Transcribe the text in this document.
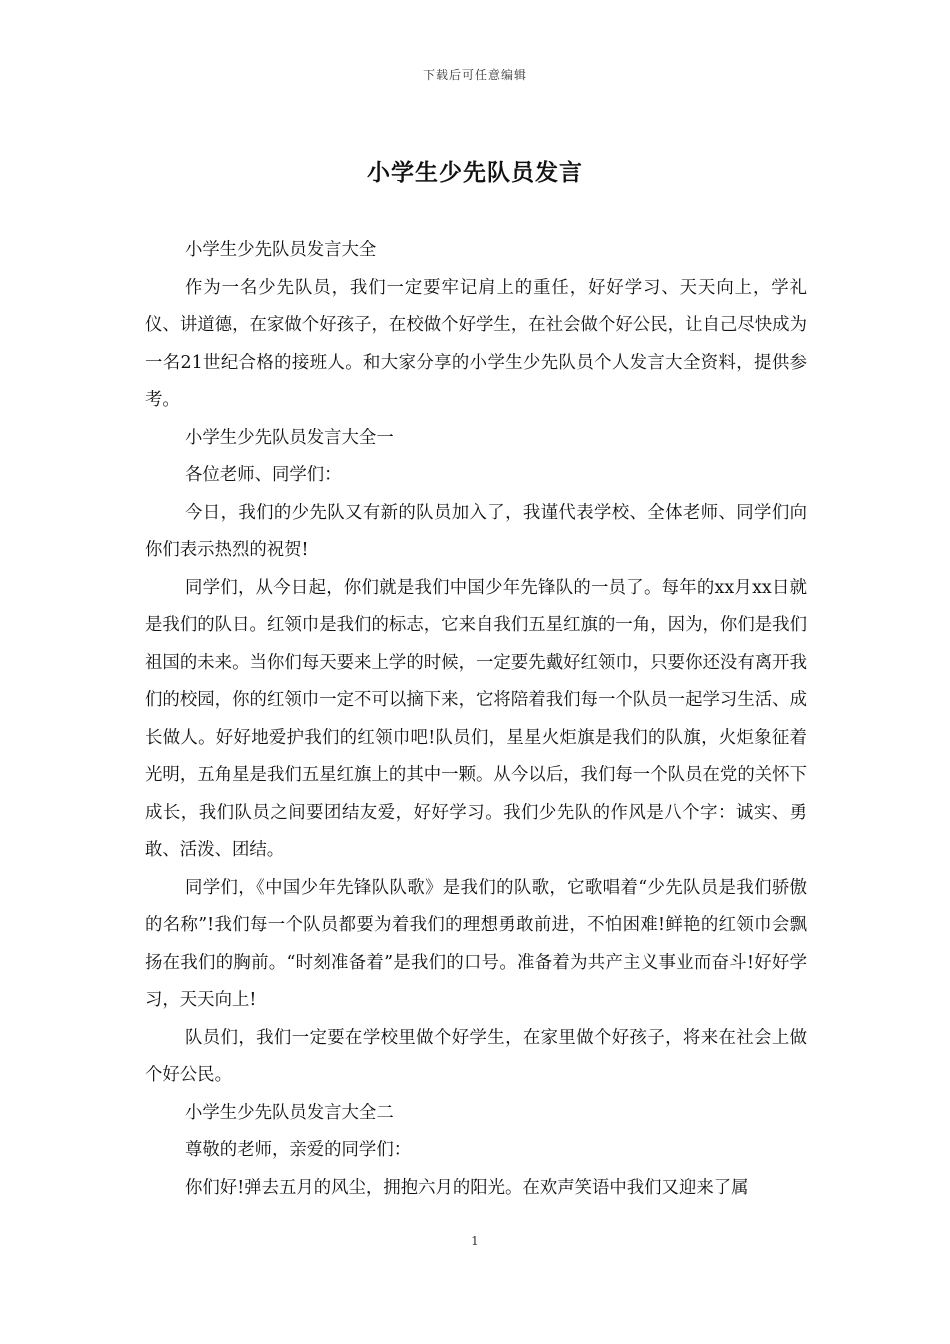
下载后可任意编辑
小学生少先队员发言

小学生少先队员发言大全

作为一名少先队员，我们一定要牢记肩上的重任，好好学习、天天向上，学礼仪、讲道德，在家做个好孩子，在校做个好学生，在社会做个好公民，让自己尽快成为一名21世纪合格的接班人。和大家分享的小学生少先队员个人发言大全资料，提供参考。

小学生少先队员发言大全一

各位老师、同学们：

今日，我们的少先队又有新的队员加入了，我谨代表学校、全体老师、同学们向你们表示热烈的祝贺!

同学们，从今日起，你们就是我们中国少年先锋队的一员了。每年的xx月xx日就是我们的队日。红领巾是我们的标志，它来自我们五星红旗的一角，因为，你们是我们祖国的未来。当你们每天要来上学的时候，一定要先戴好红领巾，只要你还没有离开我们的校园，你的红领巾一定不可以摘下来，它将陪着我们每一个队员一起学习生活、成长做人。好好地爱护我们的红领巾吧!队员们，星星火炬旗是我们的队旗，火炬象征着光明，五角星是我们五星红旗上的其中一颗。从今以后，我们每一个队员在党的关怀下成长，我们队员之间要团结友爱，好好学习。我们少先队的作风是八个字：诚实、勇敢、活泼、团结。

同学们，《中国少年先锋队队歌》是我们的队歌，它歌唱着“少先队员是我们骄傲的名称”!我们每一个队员都要为着我们的理想勇敢前进，不怕困难!鲜艳的红领巾会飘扬在我们的胸前。“时刻准备着”是我们的口号。准备着为共产主义事业而奋斗!好好学习，天天向上!

队员们，我们一定要在学校里做个好学生，在家里做个好孩子，将来在社会上做个好公民。

小学生少先队员发言大全二

尊敬的老师，亲爱的同学们：

你们好!弹去五月的风尘，拥抱六月的阳光。在欢声笑语中我们又迎来了属

1
